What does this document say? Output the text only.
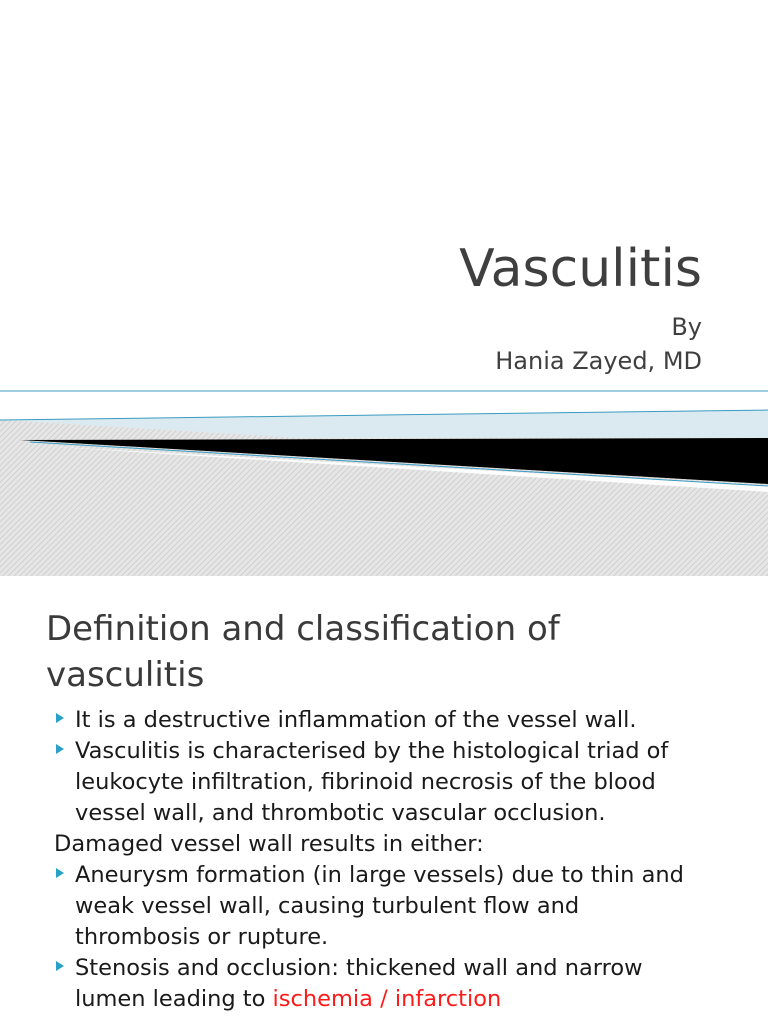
Vasculitis
By
Hania Zayed, MD
Definition and classification of
vasculitis
It is a destructive inflammation of the vessel wall.
Vasculitis is characterised by the histological triad of
leukocyte infiltration, fibrinoid necrosis of the blood
vessel wall, and thrombotic vascular occlusion.
Damaged vessel wall results in either:
Aneurysm formation (in large vessels) due to thin and
weak vessel wall, causing turbulent flow and
thrombosis or rupture.
Stenosis and occlusion: thickened wall and narrow
lumen leading to ischemia / infarction
